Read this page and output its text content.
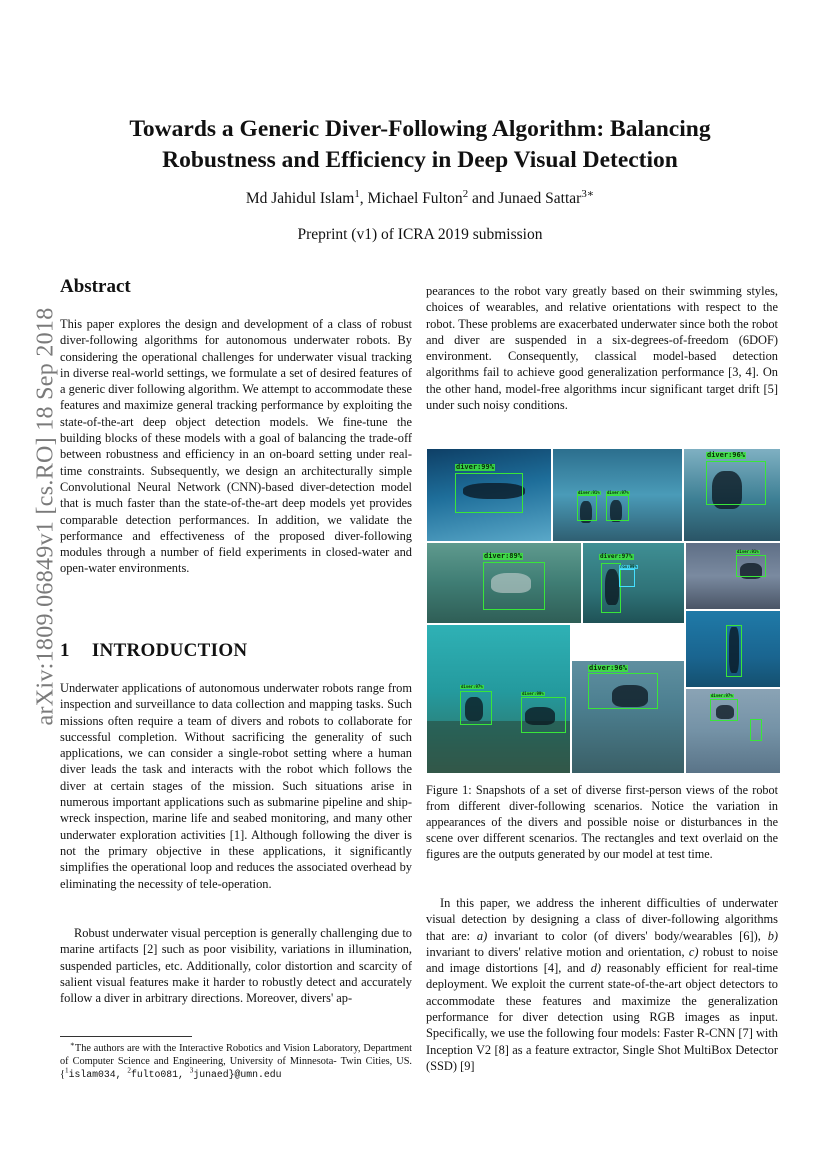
Towards a Generic Diver-Following Algorithm: Balancing
Robustness and Efficiency in Deep Visual Detection
Md Jahidul Islam$^1$, Michael Fulton$^2$ and Junaed Sattar$^{3∗}$
Preprint (v1) of ICRA 2019 submission
arXiv:1809.06849v1 [cs.RO] 18 Sep 2018
Abstract
This paper explores the design and development of a class of robust diver-following algorithms for autonomous underwater robots. By considering the operational challenges for underwater visual tracking in diverse real-world settings, we formulate a set of desired features of a generic diver following algorithm. We attempt to accommodate these features and maximize general tracking performance by exploiting the state-of-the-art deep object detection models. We fine-tune the building blocks of these models with a goal of balancing the trade-off between robustness and efficiency in an on-board setting under real-time constraints. Subsequently, we design an architecturally simple Convolutional Neural Network (CNN)-based diver-detection model that is much faster than the state-of-the-art deep models yet provides comparable detection performances. In addition, we validate the performance and effectiveness of the proposed diver-following modules through a number of field experiments in closed-water and open-water environments.
1 INTRODUCTION
Underwater applications of autonomous underwater robots range from inspection and surveillance to data collection and mapping tasks. Such missions often require a team of divers and robots to collaborate for successful completion. Without sacrificing the generality of such applications, we can consider a single-robot setting where a human diver leads the task and interacts with the robot which follows the diver at certain stages of the mission. Such situations arise in numerous important applications such as submarine pipeline and ship-wreck inspection, marine life and seabed monitoring, and many other underwater exploration activities [1]. Although following the diver is not the primary objective in these applications, it significantly simplifies the operational loop and reduces the associated overhead by eliminating the necessity of tele-operation.
Robust underwater visual perception is generally challenging due to marine artifacts [2] such as poor visibility, variations in illumination, suspended particles, etc. Additionally, color distortion and scarcity of salient visual features make it harder to robustly detect and accurately follow a diver in arbitrary directions. Moreover, divers' ap-
∗The authors are with the Interactive Robotics and Vision Laboratory, Department of Computer Science and Engineering, University of Minnesota- Twin Cities, US. {$^1$islam034, $^2$fulto081, $^3$junaed}@umn.edu
pearances to the robot vary greatly based on their swimming styles, choices of wearables, and relative orientations with respect to the robot. These problems are exacerbated underwater since both the robot and diver are suspended in a six-degrees-of-freedom (6DOF) environment. Consequently, classical model-based detection algorithms fail to achieve good generalization performance [3, 4]. On the other hand, model-free algorithms incur significant target drift [5] under such noisy conditions.
diver:99%
diver:91% diver:97%
diver:96%
diver:89%	diver:97%
rov:99%
diver:91%
diver:97%
diver:99%
diver:96%
diver:97%
Figure 1: Snapshots of a set of diverse first-person views of the robot from different diver-following scenarios. Notice the variation in appearances of the divers and possible noise or disturbances in the scene over different scenarios. The rectangles and text overlaid on the figures are the outputs generated by our model at test time.
In this paper, we address the inherent difficulties of underwater visual detection by designing a class of diver-following algorithms that are: a) invariant to color (of divers' body/wearables [6]), b) invariant to divers' relative motion and orientation, c) robust to noise and image distortions [4], and d) reasonably efficient for real-time deployment. We exploit the current state-of-the-art object detectors to accommodate these features and maximize the generalization performance for diver detection using RGB images as input. Specifically, we use the following four models: Faster R-CNN [7] with Inception V2 [8] as a feature extractor, Single Shot MultiBox Detector (SSD) [9]
